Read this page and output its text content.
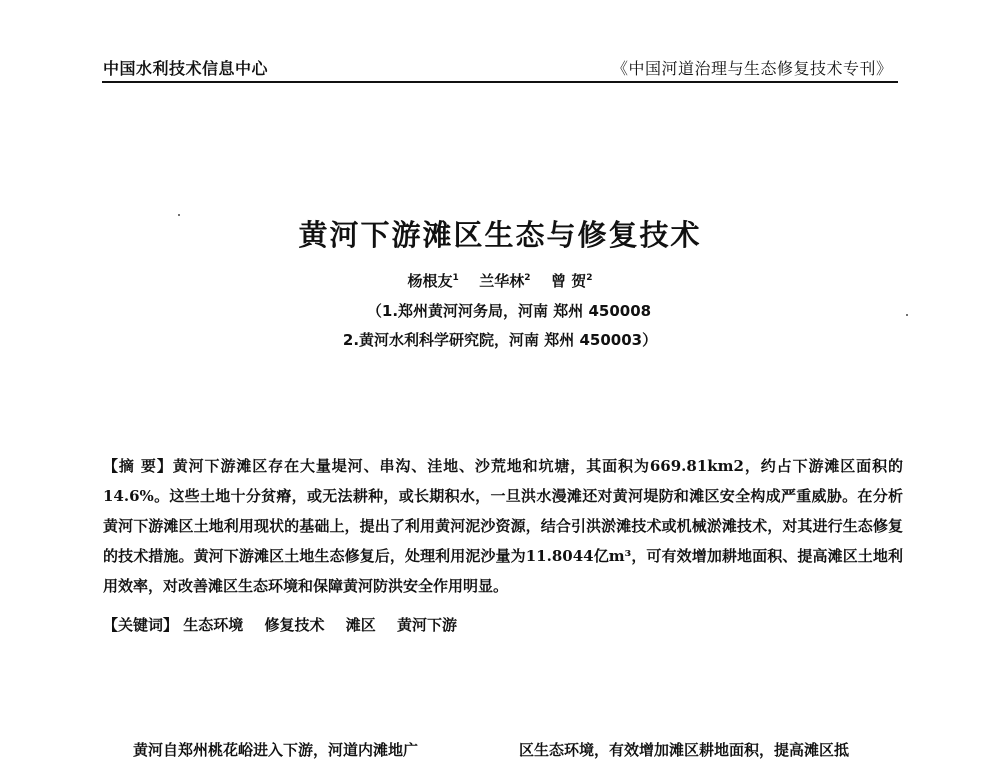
中国水利技术信息中心	《中国河道治理与生态修复技术专刊》
黄河下游滩区生态与修复技术
杨根友$^1$ 兰华林$^2$ 曾 贺$^2$
（1.郑州黄河河务局，河南 郑州 450008
2.黄河水利科学研究院，河南 郑州 450003）
【摘 要】黄河下游滩区存在大量堤河、串沟、洼地、沙荒地和坑塘，其面积为669.81km2，约占下游滩区面积的14.6%。这些土地十分贫瘠，或无法耕种，或长期积水，一旦洪水漫滩还对黄河堤防和滩区安全构成严重威胁。在分析黄河下游滩区土地利用现状的基础上，提出了利用黄河泥沙资源，结合引洪淤滩技术或机械淤滩技术，对其进行生态修复的技术措施。黄河下游滩区土地生态修复后，处理利用泥沙量为11.8044亿m³，可有效增加耕地面积、提高滩区土地利用效率，对改善滩区生态环境和保障黄河防洪安全作用明显。
【关键词】 生态环境 修复技术 滩区 黄河下游
黄河自郑州桃花峪进入下游，河道内滩地广	区生态环境，有效增加滩区耕地面积，提高滩区抵
